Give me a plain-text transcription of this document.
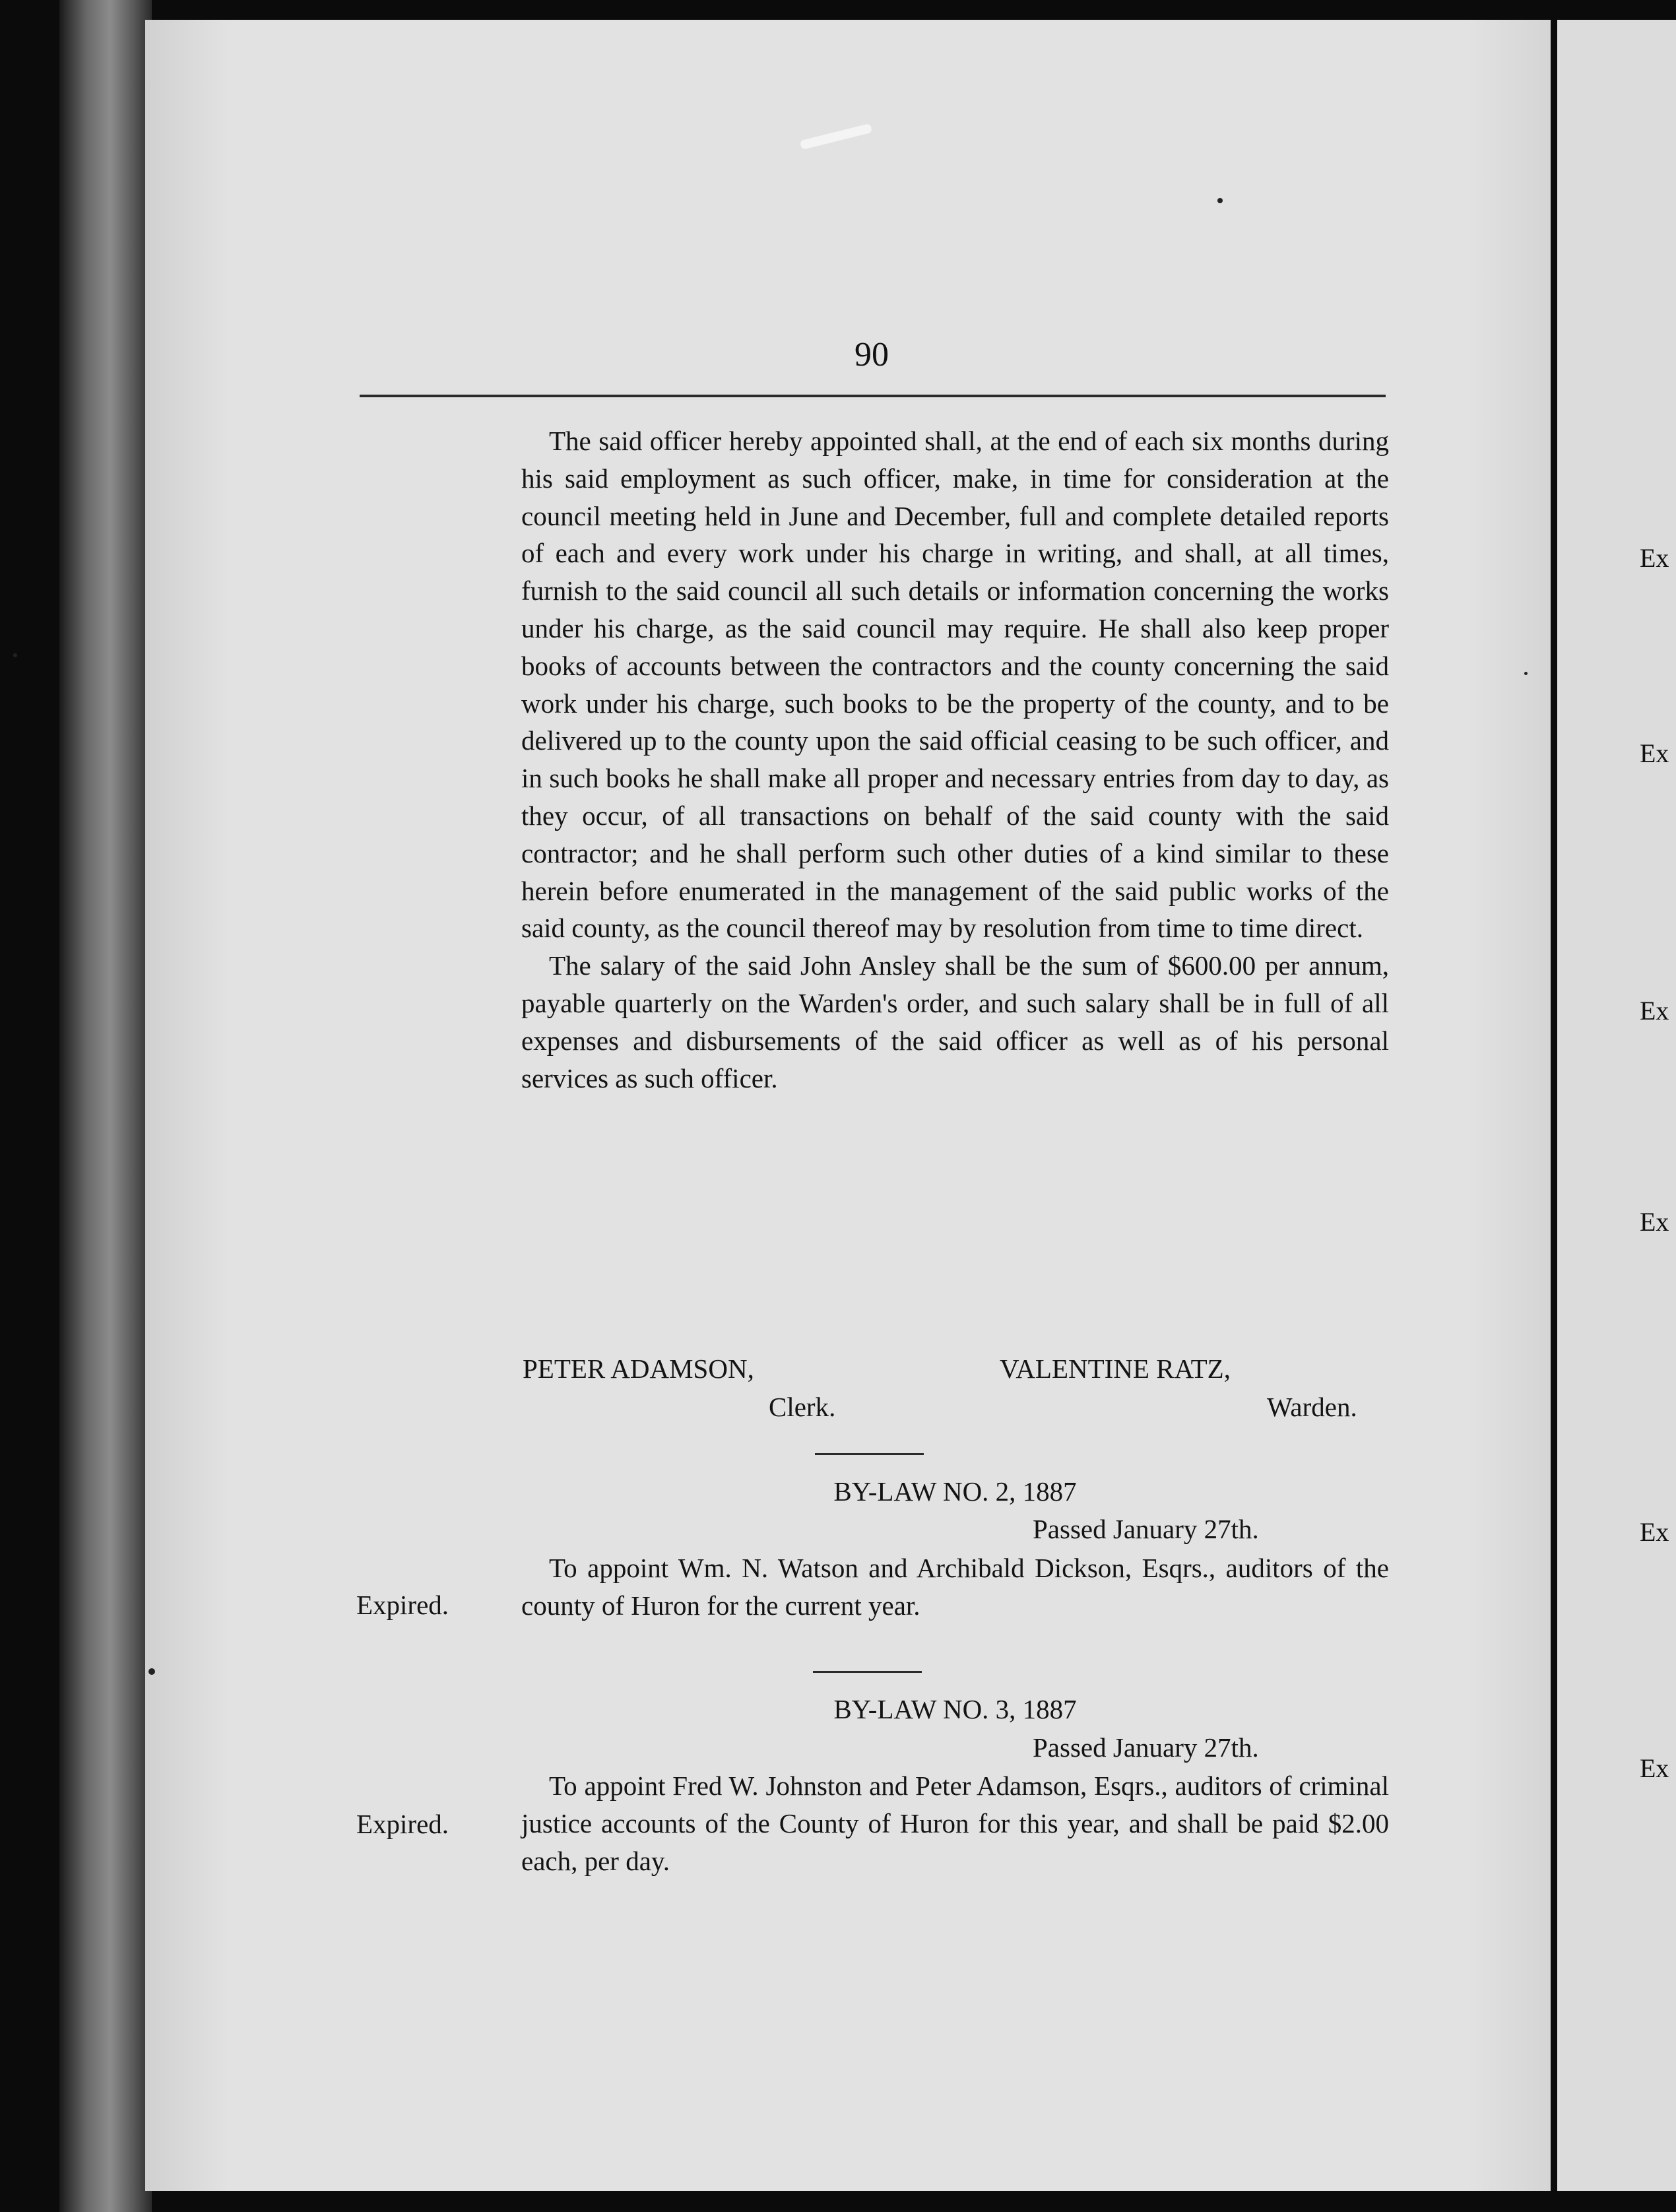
Ex
Ex
Ex
Ex
Ex
Ex
90

The said officer hereby appointed shall, at the end of each six months during his said employment as such officer, make, in time for consideration at the council meeting held in June and December, full and complete detailed reports of each and every work under his charge in writing, and shall, at all times, furnish to the said council all such details or information concerning the works under his charge, as the said council may require. He shall also keep proper books of accounts between the contractors and the county concerning the said work under his charge, such books to be the property of the county, and to be delivered up to the county upon the said official ceasing to be such officer, and in such books he shall make all proper and necessary entries from day to day, as they occur, of all transactions on behalf of the said county with the said contractor; and he shall perform such other duties of a kind similar to these herein before enumerated in the management of the said public works of the said county, as the council thereof may by resolution from time to time direct.

The salary of the said John Ansley shall be the sum of $600.00 per annum, payable quarterly on the Warden's order, and such salary shall be in full of all expenses and disbursements of the said officer as well as of his personal services as such officer.

PETER ADAMSON,
Clerk.
VALENTINE RATZ,
Warden.
BY-LAW NO. 2, 1887
Passed January 27th.
To appoint Wm. N. Watson and Archibald Dickson, Esqrs., auditors of the county of Huron for the current year.
Expired.
BY-LAW NO. 3, 1887
Passed January 27th.
To appoint Fred W. Johnston and Peter Adamson, Esqrs., auditors of criminal justice accounts of the County of Huron for this year, and shall be paid $2.00 each, per day.
Expired.
